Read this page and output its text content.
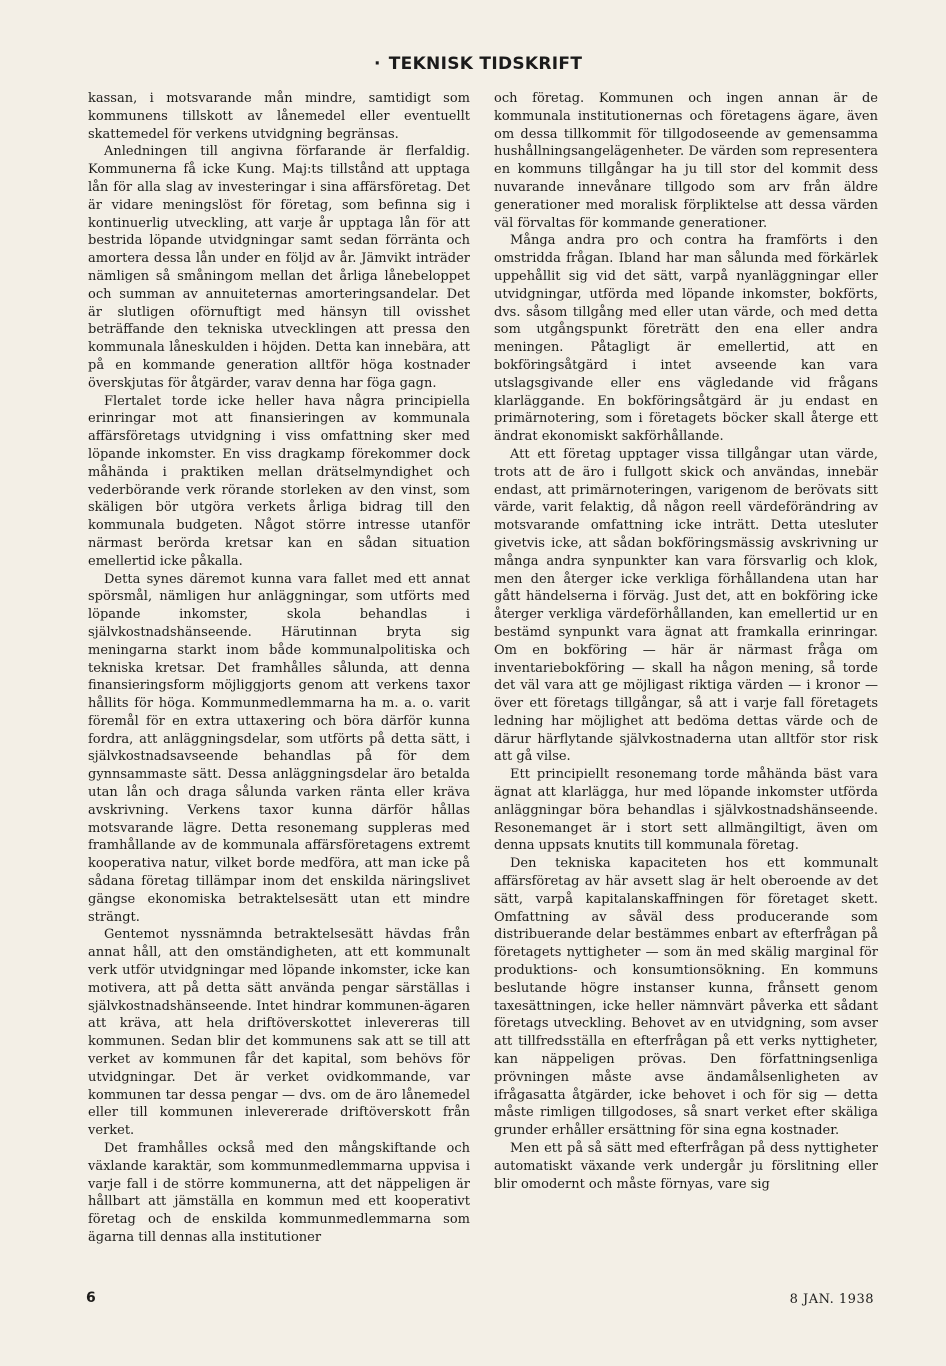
· TEKNISK TIDSKRIFT

kassan, i motsvarande mån mindre, samtidigt som kommunens tillskott av lånemedel eller eventuellt skattemedel för verkens utvidgning begränsas.

Anledningen till angivna förfarande är flerfaldig. Kommunerna få icke Kung. Maj:ts tillstånd att upptaga lån för alla slag av investeringar i sina affärsföretag. Det är vidare meningslöst för företag, som befinna sig i kontinuerlig utveckling, att varje år upptaga lån för att bestrida löpande utvidgningar samt sedan förränta och amortera dessa lån under en följd av år. Jämvikt inträder nämligen så småningom mellan det årliga lånebeloppet och summan av annuiteternas amorteringsandelar. Det är slutligen oförnuftigt med hänsyn till ovisshet beträffande den tekniska utvecklingen att pressa den kommunala låneskulden i höjden. Detta kan innebära, att på en kommande generation alltför höga kostnader överskjutas för åtgärder, varav denna har föga gagn.

Flertalet torde icke heller hava några principiella erinringar mot att finansieringen av kommunala affärsföretags utvidgning i viss omfattning sker med löpande inkomster. En viss dragkamp förekommer dock måhända i praktiken mellan drätselmyndighet och vederbörande verk rörande storleken av den vinst, som skäligen bör utgöra verkets årliga bidrag till den kommunala budgeten. Något större intresse utanför närmast berörda kretsar kan en sådan situation emellertid icke påkalla.

Detta synes däremot kunna vara fallet med ett annat spörsmål, nämligen hur anläggningar, som utförts med löpande inkomster, skola behandlas i självkostnadshänseende. Härutinnan bryta sig meningarna starkt inom både kommunalpolitiska och tekniska kretsar. Det framhålles sålunda, att denna finansieringsform möjliggjorts genom att verkens taxor hållits för höga. Kommunmedlemmarna ha m. a. o. varit föremål för en extra uttaxering och böra därför kunna fordra, att anläggningsdelar, som utförts på detta sätt, i självkostnadsavseende behandlas på för dem gynnsammaste sätt. Dessa anläggningsdelar äro betalda utan lån och draga sålunda varken ränta eller kräva avskrivning. Verkens taxor kunna därför hållas motsvarande lägre. Detta resonemang suppleras med framhållande av de kommunala affärsföretagens extremt kooperativa natur, vilket borde medföra, att man icke på sådana företag tillämpar inom det enskilda näringslivet gängse ekonomiska betraktelsesätt utan ett mindre strängt.

Gentemot nyssnämnda betraktelsesätt hävdas från annat håll, att den omständigheten, att ett kommunalt verk utför utvidgningar med löpande inkomster, icke kan motivera, att på detta sätt använda pengar särställas i självkostnadshänseende. Intet hindrar kommunen-ägaren att kräva, att hela driftöverskottet inlevereras till kommunen. Sedan blir det kommunens sak att se till att verket av kommunen får det kapital, som behövs för utvidgningar. Det är verket ovidkommande, var kommunen tar dessa pengar — dvs. om de äro lånemedel eller till kommunen inlevererade driftöverskott från verket.

Det framhålles också med den mångskiftande och växlande karaktär, som kommunmedlemmarna uppvisa i varje fall i de större kommunerna, att det näppeligen är hållbart att jämställa en kommun med ett kooperativt företag och de enskilda kommunmedlemmarna som ägarna till dennas alla institutioner

och företag. Kommunen och ingen annan är de kommunala institutionernas och företagens ägare, även om dessa tillkommit för tillgodoseende av gemensamma hushållningsangelägenheter. De värden som representera en kommuns tillgångar ha ju till stor del kommit dess nuvarande innevånare tillgodo som arv från äldre generationer med moralisk förpliktelse att dessa värden väl förvaltas för kommande generationer.

Många andra pro och contra ha framförts i den omstridda frågan. Ibland har man sålunda med förkärlek uppehållit sig vid det sätt, varpå nyanläggningar eller utvidgningar, utförda med löpande inkomster, bokförts, dvs. såsom tillgång med eller utan värde, och med detta som utgångspunkt företrätt den ena eller andra meningen. Påtagligt är emellertid, att en bokföringsåtgärd i intet avseende kan vara utslagsgivande eller ens vägledande vid frågans klarläggande. En bokföringsåtgärd är ju endast en primärnotering, som i företagets böcker skall återge ett ändrat ekonomiskt sakförhållande.

Att ett företag upptager vissa tillgångar utan värde, trots att de äro i fullgott skick och användas, innebär endast, att primärnoteringen, varigenom de berövats sitt värde, varit felaktig, då någon reell värdeförändring av motsvarande omfattning icke inträtt. Detta utesluter givetvis icke, att sådan bokföringsmässig avskrivning ur många andra synpunkter kan vara försvarlig och klok, men den återger icke verkliga förhållandena utan har gått händelserna i förväg. Just det, att en bokföring icke återger verkliga värdeförhållanden, kan emellertid ur en bestämd synpunkt vara ägnat att framkalla erinringar. Om en bokföring — här är närmast fråga om inventariebokföring — skall ha någon mening, så torde det väl vara att ge möjligast riktiga värden — i kronor — över ett företags tillgångar, så att i varje fall företagets ledning har möjlighet att bedöma dettas värde och de därur härflytande självkostnaderna utan alltför stor risk att gå vilse.

Ett principiellt resonemang torde måhända bäst vara ägnat att klarlägga, hur med löpande inkomster utförda anläggningar böra behandlas i självkostnadshänseende. Resonemanget är i stort sett allmängiltigt, även om denna uppsats knutits till kommunala företag.

Den tekniska kapaciteten hos ett kommunalt affärsföretag av här avsett slag är helt oberoende av det sätt, varpå kapitalanskaffningen för företaget skett. Omfattning av såväl dess producerande som distribuerande delar bestämmes enbart av efterfrågan på företagets nyttigheter — som än med skälig marginal för produktions- och konsumtionsökning. En kommuns beslutande högre instanser kunna, frånsett genom taxesättningen, icke heller nämnvärt påverka ett sådant företags utveckling. Behovet av en utvidgning, som avser att tillfredsställa en efterfrågan på ett verks nyttigheter, kan näppeligen prövas. Den författningsenliga prövningen måste avse ändamålsenligheten av ifrågasatta åtgärder, icke behovet i och för sig — detta måste rimligen tillgodoses, så snart verket efter skäliga grunder erhåller ersättning för sina egna kostnader.

Men ett på så sätt med efterfrågan på dess nyttigheter automatiskt växande verk undergår ju förslitning eller blir omodernt och måste förnyas, vare sig

6	8 JAN. 1938
